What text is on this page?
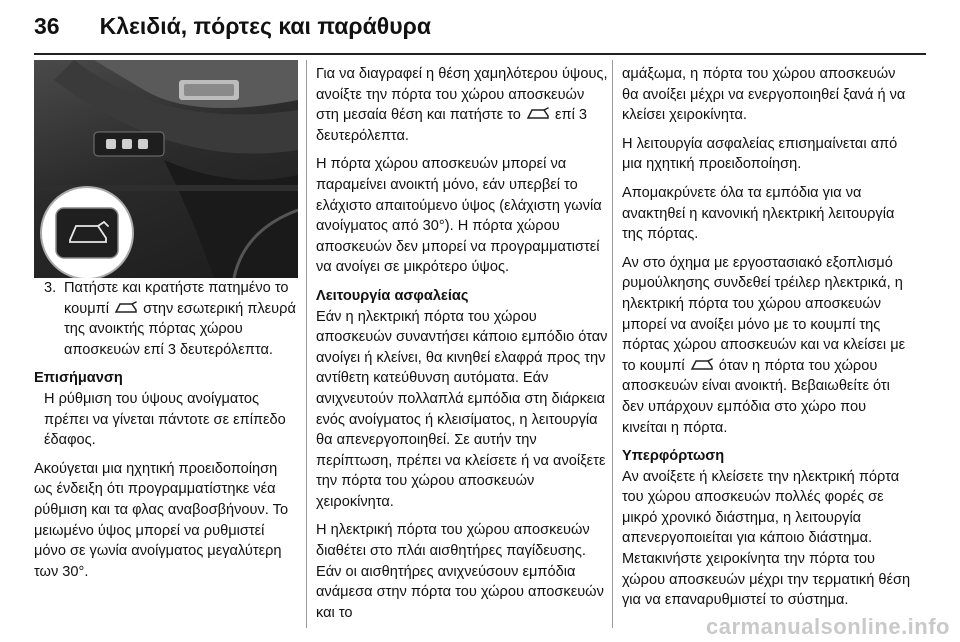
36 Κλειδιά, πόρτες και παράθυρα

3. Πατήστε και κρατήστε πατημένο το κουμπί στην εσωτερική πλευρά της ανοικτής πόρτας χώρου αποσκευών επί 3 δευτερόλεπτα.

Επισήμανση

Η ρύθμιση του ύψους ανοίγματος πρέπει να γίνεται πάντοτε σε επίπεδο έδαφος.

Ακούγεται μια ηχητική προειδοποίηση ως ένδειξη ότι προγραμματίστηκε νέα ρύθμιση και τα φλας αναβοσβήνουν. Το μειωμένο ύψος μπορεί να ρυθμιστεί μόνο σε γωνία ανοίγματος μεγαλύτερη των 30°.

Για να διαγραφεί η θέση χαμηλότερου ύψους, ανοίξτε την πόρτα του χώρου αποσκευών στη μεσαία θέση και πατήστε το επί 3 δευτερόλεπτα.

Η πόρτα χώρου αποσκευών μπορεί να παραμείνει ανοικτή μόνο, εάν υπερβεί το ελάχιστο απαιτούμενο ύψος (ελάχιστη γωνία ανοίγματος από 30°). Η πόρτα χώρου αποσκευών δεν μπορεί να προγραμματιστεί να ανοίγει σε μικρότερο ύψος.

Λειτουργία ασφαλείας

Εάν η ηλεκτρική πόρτα του χώρου αποσκευών συναντήσει κάποιο εμπόδιο όταν ανοίγει ή κλείνει, θα κινηθεί ελαφρά προς την αντίθετη κατεύθυνση αυτόματα. Εάν ανιχνευτούν πολλαπλά εμπόδια στη διάρκεια ενός ανοίγματος ή κλεισίματος, η λειτουργία θα απενεργοποιηθεί. Σε αυτήν την περίπτωση, πρέπει να κλείσετε ή να ανοίξετε την πόρτα του χώρου αποσκευών χειροκίνητα.

Η ηλεκτρική πόρτα του χώρου αποσκευών διαθέτει στο πλάι αισθητήρες παγίδευσης. Εάν οι αισθητήρες ανιχνεύσουν εμπόδια ανάμεσα στην πόρτα του χώρου αποσκευών και το

αμάξωμα, η πόρτα του χώρου αποσκευών θα ανοίξει μέχρι να ενεργοποιηθεί ξανά ή να κλείσει χειροκίνητα.

Η λειτουργία ασφαλείας επισημαίνεται από μια ηχητική προειδοποίηση.

Απομακρύνετε όλα τα εμπόδια για να ανακτηθεί η κανονική ηλεκτρική λειτουργία της πόρτας.

Αν στο όχημα με εργοστασιακό εξοπλισμό ρυμούλκησης συνδεθεί τρέιλερ ηλεκτρικά, η ηλεκτρική πόρτα του χώρου αποσκευών μπορεί να ανοίξει μόνο με το κουμπί της πόρτας χώρου αποσκευών και να κλείσει με το κουμπί όταν η πόρτα του χώρου αποσκευών είναι ανοικτή. Βεβαιωθείτε ότι δεν υπάρχουν εμπόδια στο χώρο που κινείται η πόρτα.

Υπερφόρτωση

Αν ανοίξετε ή κλείσετε την ηλεκτρική πόρτα του χώρου αποσκευών πολλές φορές σε μικρό χρονικό διάστημα, η λειτουργία απενεργοποιείται για κάποιο διάστημα. Μετακινήστε χειροκίνητα την πόρτα του χώρου αποσκευών μέχρι την τερματική θέση για να επαναρυθμιστεί το σύστημα.

carmanualsonline.info
